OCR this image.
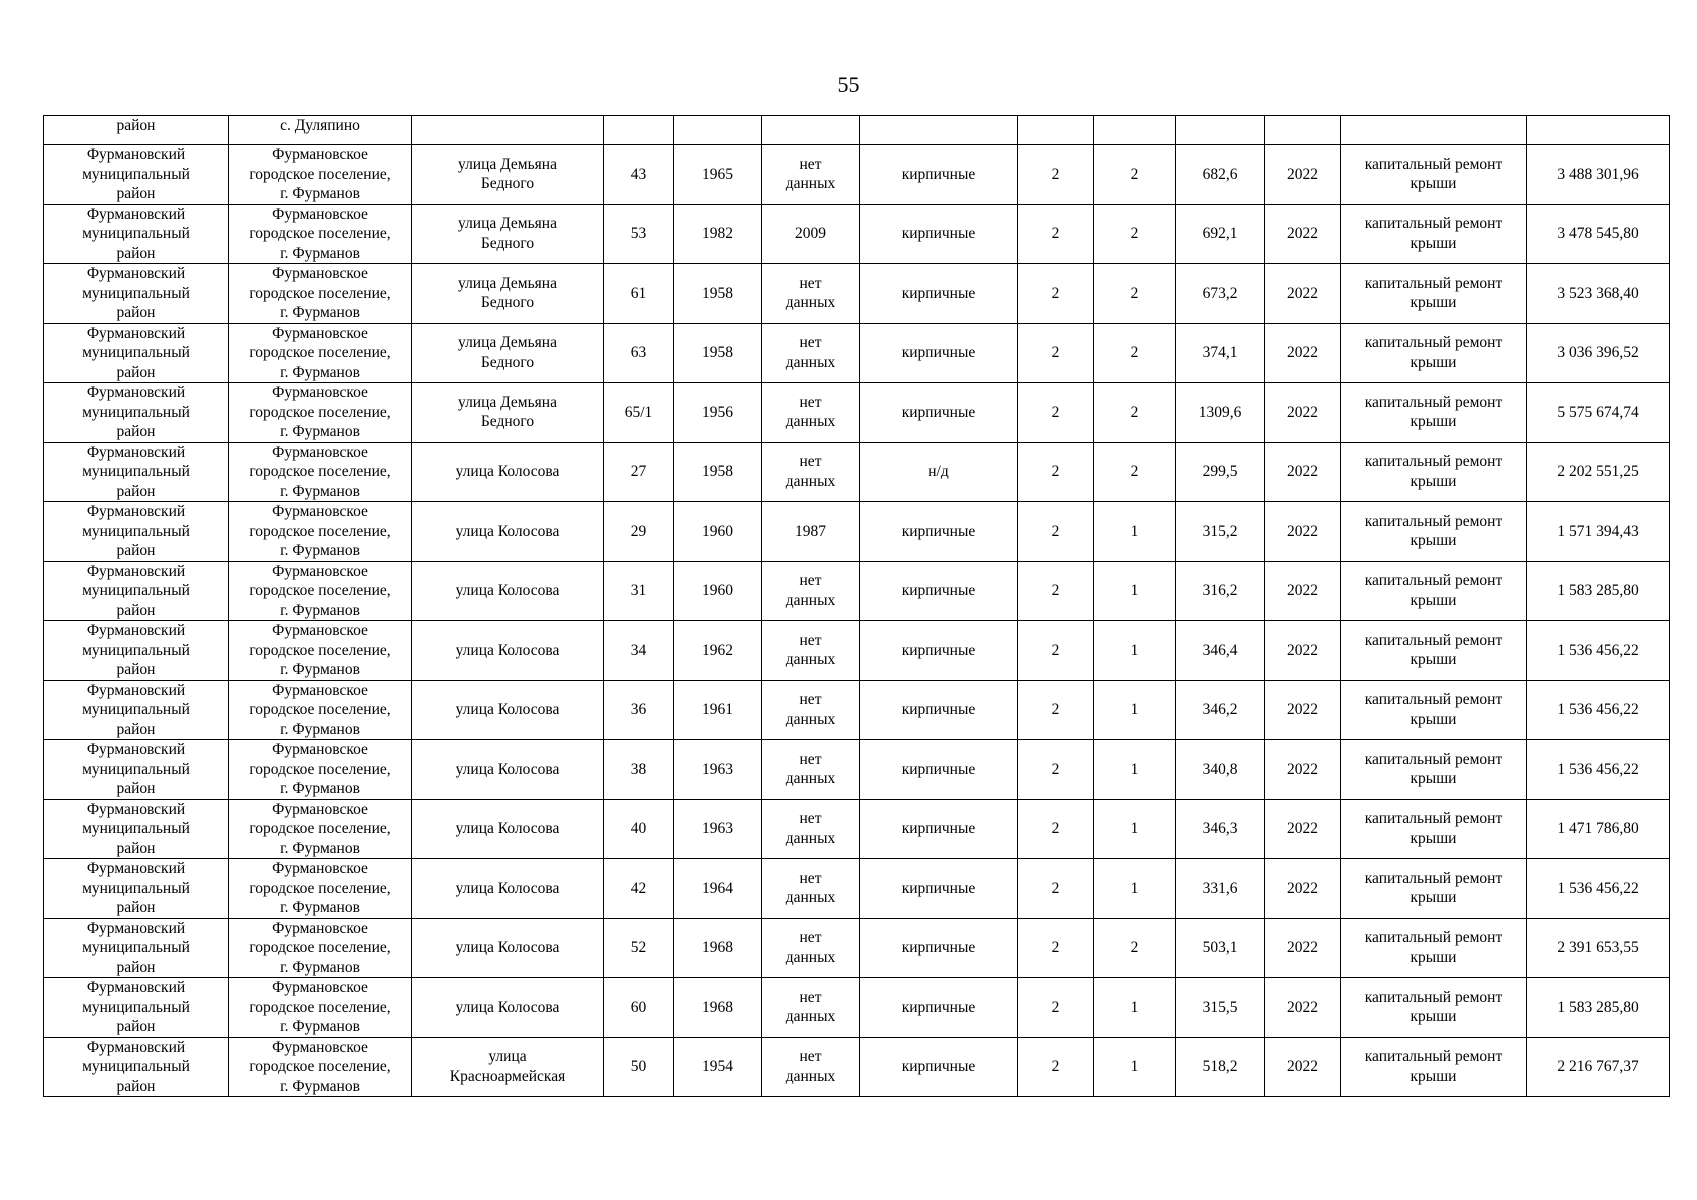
55
район	с. Дуляпино											

Фурмановский
муниципальный
район	Фурмановское
городское поселение,
г. Фурманов	улица Демьяна
Бедного	43	1965	нет
данных	кирпичные	2	2	682,6	2022	капитальный ремонт
крыши	3 488 301,96

Фурмановский
муниципальный
район	Фурмановское
городское поселение,
г. Фурманов	улица Демьяна
Бедного	53	1982	2009	кирпичные	2	2	692,1	2022	капитальный ремонт
крыши	3 478 545,80

Фурмановский
муниципальный
район	Фурмановское
городское поселение,
г. Фурманов	улица Демьяна
Бедного	61	1958	нет
данных	кирпичные	2	2	673,2	2022	капитальный ремонт
крыши	3 523 368,40

Фурмановский
муниципальный
район	Фурмановское
городское поселение,
г. Фурманов	улица Демьяна
Бедного	63	1958	нет
данных	кирпичные	2	2	374,1	2022	капитальный ремонт
крыши	3 036 396,52

Фурмановский
муниципальный
район	Фурмановское
городское поселение,
г. Фурманов	улица Демьяна
Бедного	65/1	1956	нет
данных	кирпичные	2	2	1309,6	2022	капитальный ремонт
крыши	5 575 674,74

Фурмановский
муниципальный
район	Фурмановское
городское поселение,
г. Фурманов	улица Колосова	27	1958	нет
данных	н/д	2	2	299,5	2022	капитальный ремонт
крыши	2 202 551,25

Фурмановский
муниципальный
район	Фурмановское
городское поселение,
г. Фурманов	улица Колосова	29	1960	1987	кирпичные	2	1	315,2	2022	капитальный ремонт
крыши	1 571 394,43

Фурмановский
муниципальный
район	Фурмановское
городское поселение,
г. Фурманов	улица Колосова	31	1960	нет
данных	кирпичные	2	1	316,2	2022	капитальный ремонт
крыши	1 583 285,80

Фурмановский
муниципальный
район	Фурмановское
городское поселение,
г. Фурманов	улица Колосова	34	1962	нет
данных	кирпичные	2	1	346,4	2022	капитальный ремонт
крыши	1 536 456,22

Фурмановский
муниципальный
район	Фурмановское
городское поселение,
г. Фурманов	улица Колосова	36	1961	нет
данных	кирпичные	2	1	346,2	2022	капитальный ремонт
крыши	1 536 456,22

Фурмановский
муниципальный
район	Фурмановское
городское поселение,
г. Фурманов	улица Колосова	38	1963	нет
данных	кирпичные	2	1	340,8	2022	капитальный ремонт
крыши	1 536 456,22

Фурмановский
муниципальный
район	Фурмановское
городское поселение,
г. Фурманов	улица Колосова	40	1963	нет
данных	кирпичные	2	1	346,3	2022	капитальный ремонт
крыши	1 471 786,80

Фурмановский
муниципальный
район	Фурмановское
городское поселение,
г. Фурманов	улица Колосова	42	1964	нет
данных	кирпичные	2	1	331,6	2022	капитальный ремонт
крыши	1 536 456,22

Фурмановский
муниципальный
район	Фурмановское
городское поселение,
г. Фурманов	улица Колосова	52	1968	нет
данных	кирпичные	2	2	503,1	2022	капитальный ремонт
крыши	2 391 653,55

Фурмановский
муниципальный
район	Фурмановское
городское поселение,
г. Фурманов	улица Колосова	60	1968	нет
данных	кирпичные	2	1	315,5	2022	капитальный ремонт
крыши	1 583 285,80

Фурмановский
муниципальный
район	Фурмановское
городское поселение,
г. Фурманов	улица
Красноармейская	50	1954	нет
данных	кирпичные	2	1	518,2	2022	капитальный ремонт
крыши	2 216 767,37
